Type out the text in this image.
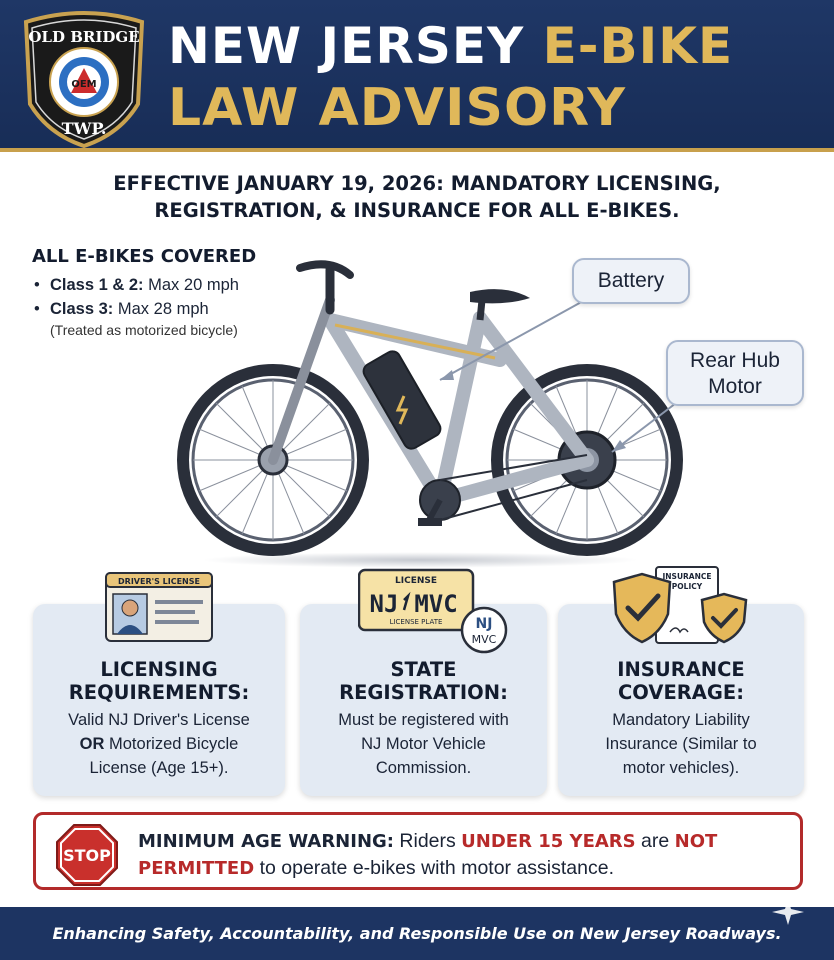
OLD BRIDGE
OEM
TWP.
NEW JERSEY E-BIKE
LAW ADVISORY
EFFECTIVE JANUARY 19, 2026: MANDATORY LICENSING,
REGISTRATION, & INSURANCE FOR ALL E-BIKES.
ALL E-BIKES COVERED
• Class 1 & 2: Max 20 mph
• Class 3: Max 28 mph
(Treated as motorized bicycle)
Battery
Rear Hub
Motor
LICENSING
REQUIREMENTS:
Valid NJ Driver's License
OR Motorized Bicycle
License (Age 15+).
STATE
REGISTRATION:
Must be registered with
NJ Motor Vehicle
Commission.
INSURANCE
COVERAGE:
Mandatory Liability
Insurance (Similar to
motor vehicles).
DRIVER'S LICENSE	LICENSE
NJ MVC
LICENSE PLATE NJ
MVC
INSURANCE
POLICY
STOP
MINIMUM AGE WARNING: Riders UNDER 15 YEARS are NOT
PERMITTED to operate e-bikes with motor assistance.
Enhancing Safety, Accountability, and Responsible Use on New Jersey Roadways.
